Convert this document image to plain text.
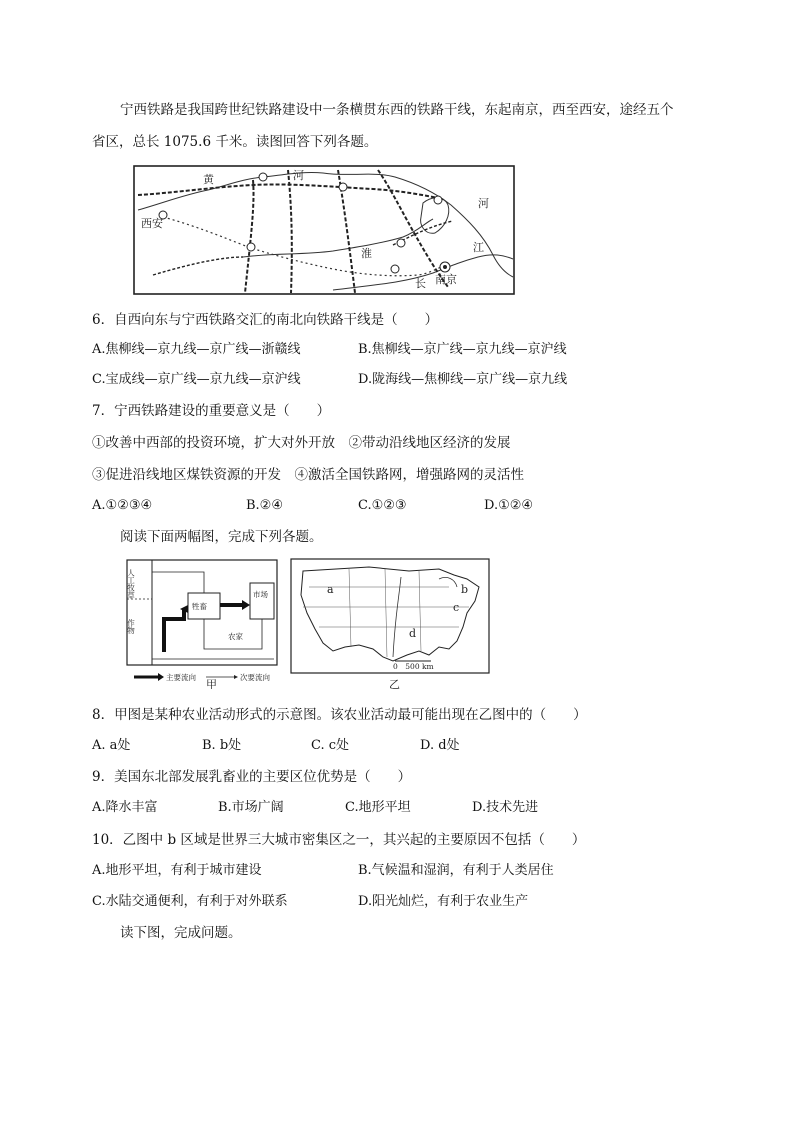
宁西铁路是我国跨世纪铁路建设中一条横贯东西的铁路干线，东起南京，西至西安，途经五个
省区，总长 1075.6 千米。读图回答下列各题。
西安
黄	河
河
淮	江
南京
长
6．自西向东与宁西铁路交汇的南北向铁路干线是（　　）
A.焦柳线—京九线—京广线—浙赣线	B.焦柳线—京广线—京九线—京沪线
C.宝成线—京广线—京九线—京沪线	D.陇海线—焦柳线—京广线—京九线
7．宁西铁路建设的重要意义是（　　）
①改善中西部的投资环境，扩大对外开放　②带动沿线地区经济的发展
③促进沿线地区煤铁资源的开发　④激活全国铁路网，增强路网的灵活性
A.①②③④	B.②④	C.①②③	D.①②④
阅读下面两幅图，完成下列各题。
人工牧草
作物
牲畜
市场
农家
主要流向	次要流向
甲
a	b
c
d
0　500 km
乙
8．甲图是某种农业活动形式的示意图。该农业活动最可能出现在乙图中的（　　）
A. a处	B. b处	C. c处	D. d处
9．美国东北部发展乳畜业的主要区位优势是（　　）
A.降水丰富	B.市场广阔	C.地形平坦	D.技术先进
10．乙图中 b 区域是世界三大城市密集区之一，其兴起的主要原因不包括（　　）
A.地形平坦，有利于城市建设	B.气候温和湿润，有利于人类居住
C.水陆交通便利，有利于对外联系	D.阳光灿烂，有利于农业生产
读下图，完成问题。
